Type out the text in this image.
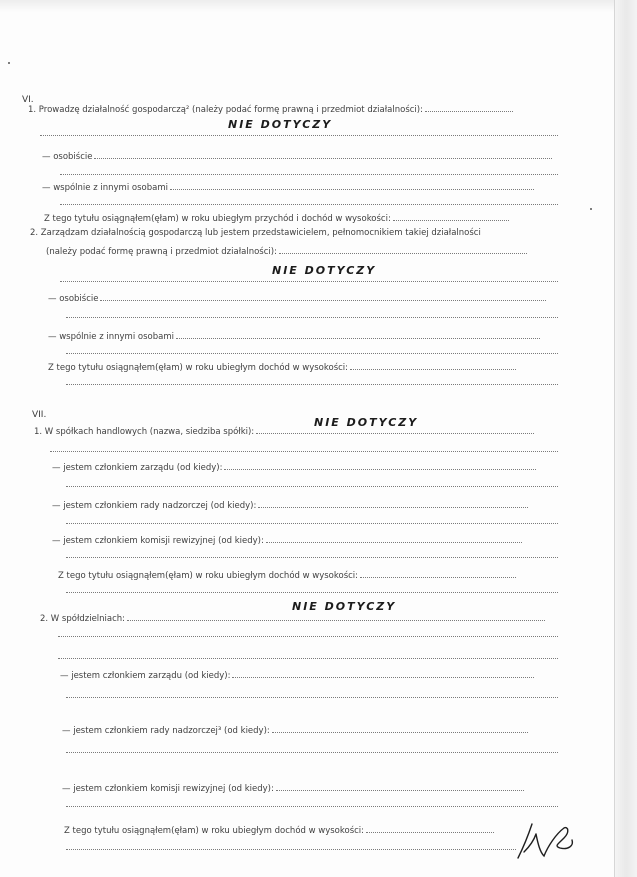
VI.
1. Prowadzę działalność gospodarczą² (należy podać formę prawną i przedmiot działalności):
NIE DOTYCZY
— osobiście
— wspólnie z innymi osobami
Z tego tytułu osiągnąłem(ęłam) w roku ubiegłym przychód i dochód w wysokości:
2. Zarządzam działalnością gospodarczą lub jestem przedstawicielem, pełnomocnikiem takiej działalności
(należy podać formę prawną i przedmiot działalności):
NIE DOTYCZY
— osobiście
— wspólnie z innymi osobami
Z tego tytułu osiągnąłem(ęłam) w roku ubiegłym dochód w wysokości:
VII.
1. W spółkach handlowych (nazwa, siedziba spółki):
NIE DOTYCZY
— jestem członkiem zarządu (od kiedy):
— jestem członkiem rady nadzorczej (od kiedy):
— jestem członkiem komisji rewizyjnej (od kiedy):
Z tego tytułu osiągnąłem(ęłam) w roku ubiegłym dochód w wysokości:
2. W spółdzielniach:
NIE DOTYCZY
— jestem członkiem zarządu (od kiedy):
— jestem członkiem rady nadzorczej³ (od kiedy):
— jestem członkiem komisji rewizyjnej (od kiedy):
Z tego tytułu osiągnąłem(ęłam) w roku ubiegłym dochód w wysokości:
